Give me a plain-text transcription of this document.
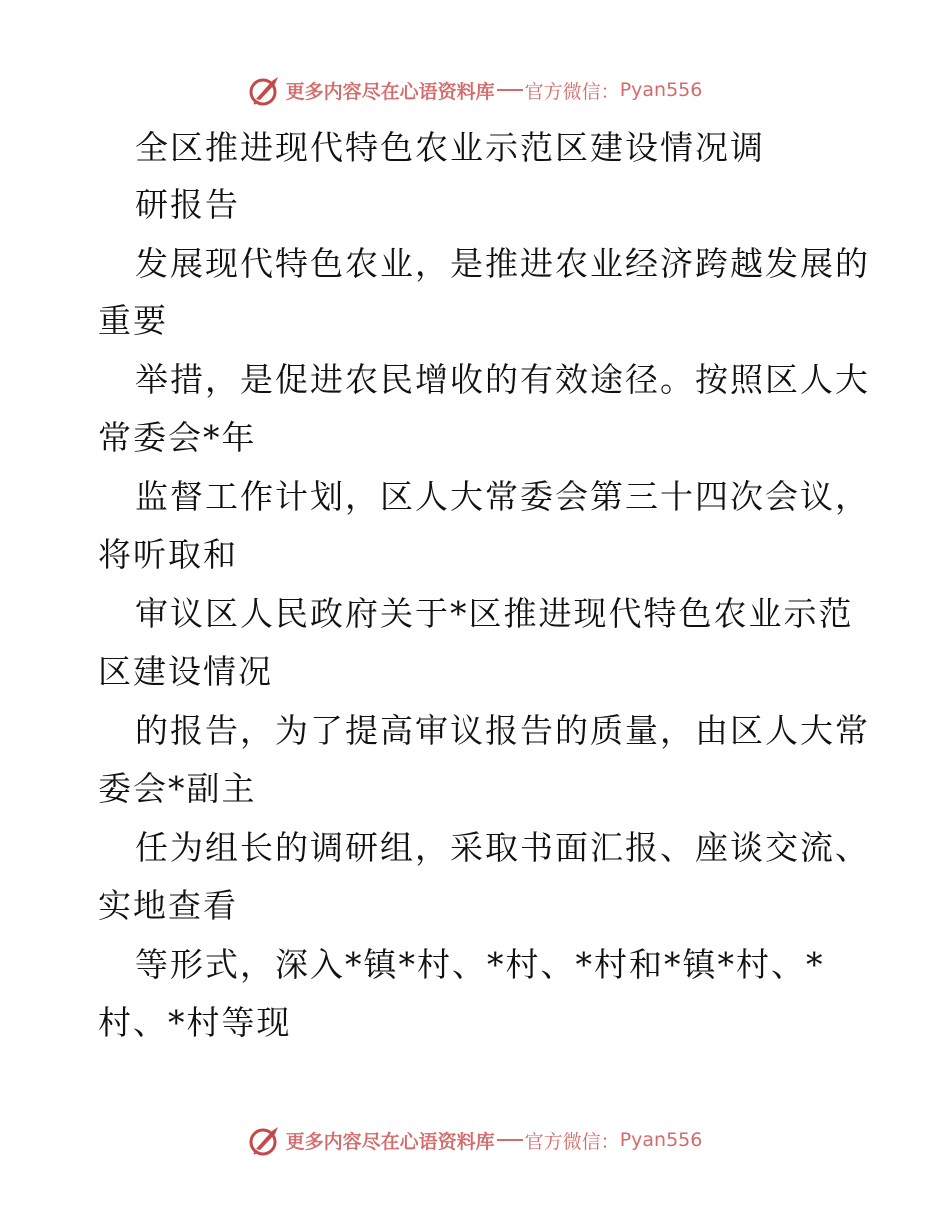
更多内容尽在心语资料库 官方微信： Pyan556
全区推进现代特色农业示范区建设情况调
研报告
发展现代特色农业，是推进农业经济跨越发展的
重要
举措，是促进农民增收的有效途径。按照区人大
常委会*年
监督工作计划，区人大常委会第三十四次会议，
将听取和
审议区人民政府关于*区推进现代特色农业示范
区建设情况
的报告，为了提高审议报告的质量，由区人大常
委会*副主
任为组长的调研组，采取书面汇报、座谈交流、
实地查看
等形式，深入*镇*村、*村、*村和*镇*村、*
村、*村等现
更多内容尽在心语资料库 官方微信： Pyan556
